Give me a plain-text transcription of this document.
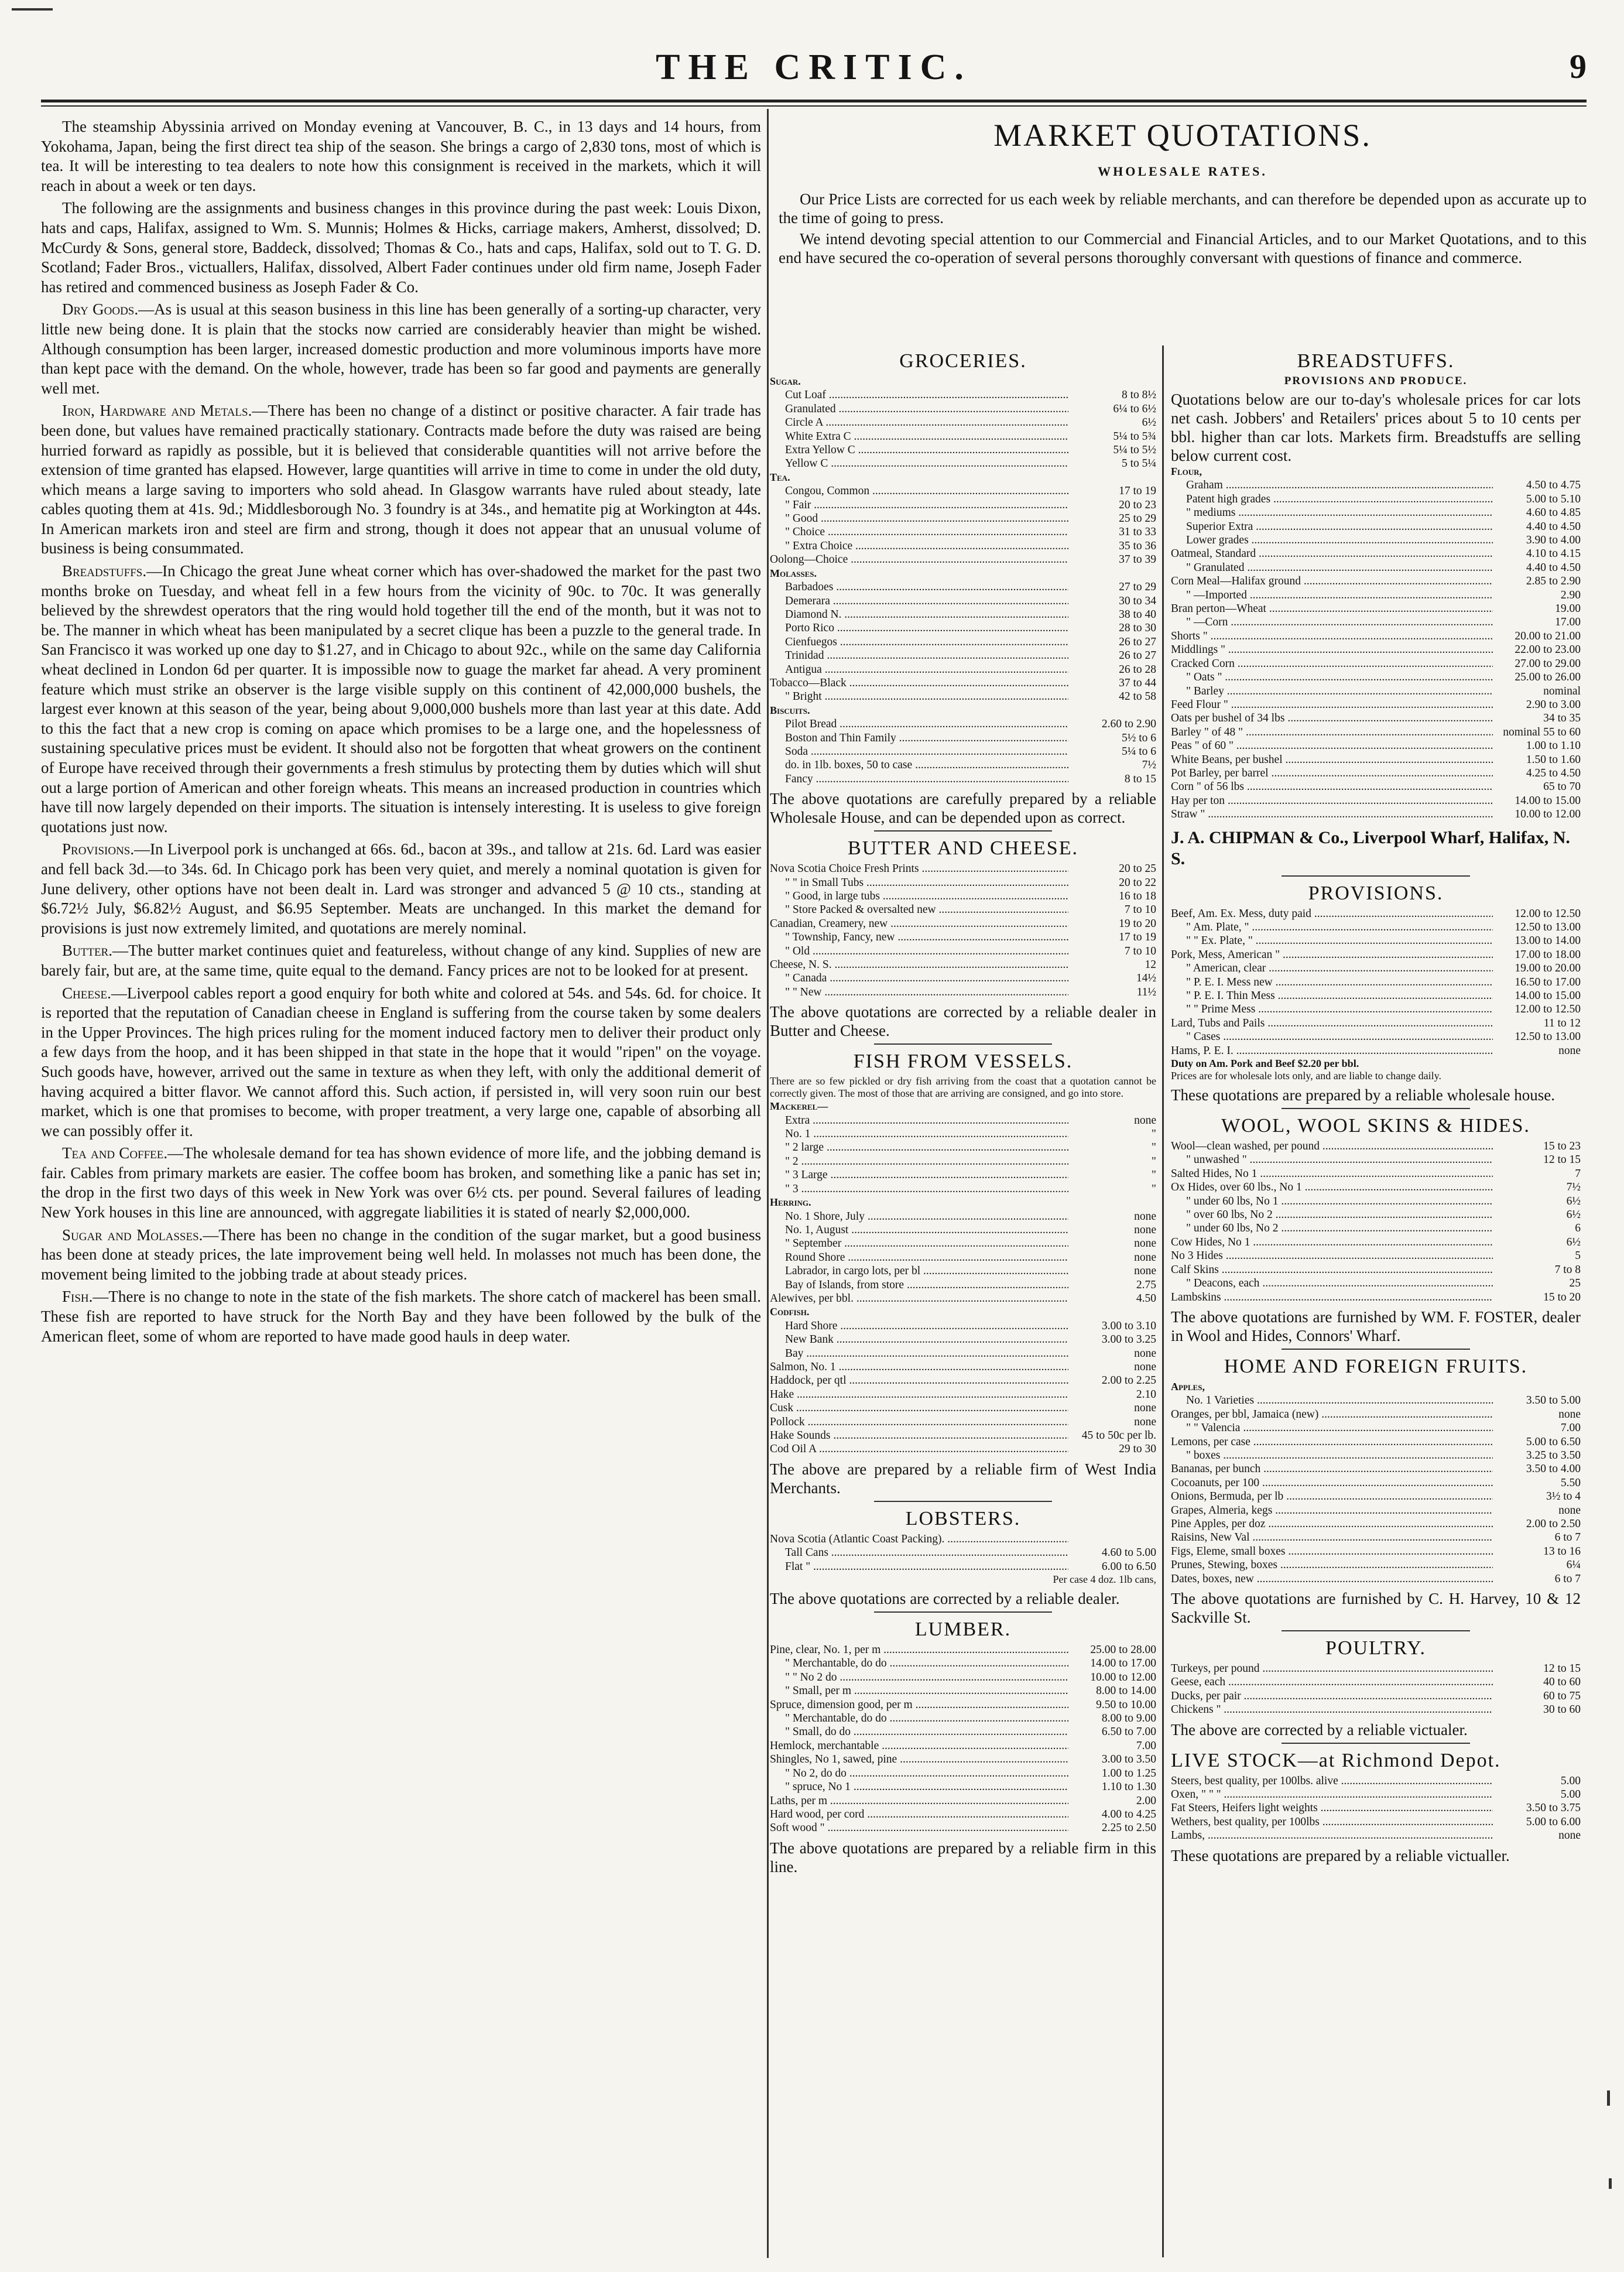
THE CRITIC.	9

The steamship Abyssinia arrived on Monday evening at Vancouver, B. C., in 13 days and 14 hours, from Yokohama, Japan, being the first direct tea ship of the season. She brings a cargo of 2,830 tons, most of which is tea. It will be interesting to tea dealers to note how this consignment is received in the markets, which it will reach in about a week or ten days.

The following are the assignments and business changes in this province during the past week: Louis Dixon, hats and caps, Halifax, assigned to Wm. S. Munnis; Holmes & Hicks, carriage makers, Amherst, dissolved; D. McCurdy & Sons, general store, Baddeck, dissolved; Thomas & Co., hats and caps, Halifax, sold out to T. G. D. Scotland; Fader Bros., victuallers, Halifax, dissolved, Albert Fader continues under old firm name, Joseph Fader has retired and commenced business as Joseph Fader & Co.

Dry Goods.—As is usual at this season business in this line has been generally of a sorting-up character, very little new being done. It is plain that the stocks now carried are considerably heavier than might be wished. Although consumption has been larger, increased domestic production and more voluminous imports have more than kept pace with the demand. On the whole, however, trade has been so far good and payments are generally well met.

Iron, Hardware and Metals.—There has been no change of a distinct or positive character. A fair trade has been done, but values have remained practically stationary. Contracts made before the duty was raised are being hurried forward as rapidly as possible, but it is believed that considerable quantities will not arrive before the extension of time granted has elapsed. However, large quantities will arrive in time to come in under the old duty, which means a large saving to importers who sold ahead. In Glasgow warrants have ruled about steady, late cables quoting them at 41s. 9d.; Middlesborough No. 3 foundry is at 34s., and hematite pig at Workington at 44s. In American markets iron and steel are firm and strong, though it does not appear that an unusual volume of business is being consummated.

Breadstuffs.—In Chicago the great June wheat corner which has over-shadowed the market for the past two months broke on Tuesday, and wheat fell in a few hours from the vicinity of 90c. to 70c. It was generally believed by the shrewdest operators that the ring would hold together till the end of the month, but it was not to be. The manner in which wheat has been manipulated by a secret clique has been a puzzle to the general trade. In San Francisco it was worked up one day to $1.27, and in Chicago to about 92c., while on the same day California wheat declined in London 6d per quarter. It is impossible now to guage the market far ahead. A very prominent feature which must strike an observer is the large visible supply on this continent of 42,000,000 bushels, the largest ever known at this season of the year, being about 9,000,000 bushels more than last year at this date. Add to this the fact that a new crop is coming on apace which promises to be a large one, and the hopelessness of sustaining speculative prices must be evident. It should also not be forgotten that wheat growers on the continent of Europe have received through their governments a fresh stimulus by protecting them by duties which will shut out a large portion of American and other foreign wheats. This means an increased production in countries which have till now largely depended on their imports. The situation is intensely interesting. It is useless to give foreign quotations just now.

Provisions.—In Liverpool pork is unchanged at 66s. 6d., bacon at 39s., and tallow at 21s. 6d. Lard was easier and fell back 3d.—to 34s. 6d. In Chicago pork has been very quiet, and merely a nominal quotation is given for June delivery, other options have not been dealt in. Lard was stronger and advanced 5 @ 10 cts., standing at $6.72½ July, $6.82½ August, and $6.95 September. Meats are unchanged. In this market the demand for provisions is just now extremely limited, and quotations are merely nominal.

Butter.—The butter market continues quiet and featureless, without change of any kind. Supplies of new are barely fair, but are, at the same time, quite equal to the demand. Fancy prices are not to be looked for at present.

Cheese.—Liverpool cables report a good enquiry for both white and colored at 54s. and 54s. 6d. for choice. It is reported that the reputation of Canadian cheese in England is suffering from the course taken by some dealers in the Upper Provinces. The high prices ruling for the moment induced factory men to deliver their product only a few days from the hoop, and it has been shipped in that state in the hope that it would "ripen" on the voyage. Such goods have, however, arrived out the same in texture as when they left, with only the additional demerit of having acquired a bitter flavor. We cannot afford this. Such action, if persisted in, will very soon ruin our best market, which is one that promises to become, with proper treatment, a very large one, capable of absorbing all we can possibly offer it.

Tea and Coffee.—The wholesale demand for tea has shown evidence of more life, and the jobbing demand is fair. Cables from primary markets are easier. The coffee boom has broken, and something like a panic has set in; the drop in the first two days of this week in New York was over 6½ cts. per pound. Several failures of leading New York houses in this line are announced, with aggregate liabilities it is stated of nearly $2,000,000.

Sugar and Molasses.—There has been no change in the condition of the sugar market, but a good business has been done at steady prices, the late improvement being well held. In molasses not much has been done, the movement being limited to the jobbing trade at about steady prices.

Fish.—There is no change to note in the state of the fish markets. The shore catch of mackerel has been small. These fish are reported to have struck for the North Bay and they have been followed by the bulk of the American fleet, some of whom are reported to have made good hauls in deep water.

MARKET QUOTATIONS.
WHOLESALE RATES.

Our Price Lists are corrected for us each week by reliable merchants, and can therefore be depended upon as accurate up to the time of going to press.

We intend devoting special attention to our Commercial and Financial Articles, and to our Market Quotations, and to this end have secured the co-operation of several persons thoroughly conversant with questions of finance and commerce.

GROCERIES.
Sugar.
Cut Loaf .....	8 to 8½
Granulated .....	6¼ to 6½
Circle A .....	6½
White Extra C .....	5¼ to 5¾
Extra Yellow C .....	5¼ to 5½
Yellow C .....	5 to 5¼
Tea.
Congou, Common .....	17 to 19
" Fair .....	20 to 23
" Good .....	25 to 29
" Choice .....	31 to 33
" Extra Choice .....	35 to 36
Oolong—Choice .....	37 to 39
Molasses.
Barbadoes .....	27 to 29
Demerara .....	30 to 34
Diamond N. .....	38 to 40
Porto Rico .....	28 to 30
Cienfuegos .....	26 to 27
Trinidad .....	26 to 27
Antigua .....	26 to 28
Tobacco—Black .....	37 to 44
" Bright .....	42 to 58
Biscuits.
Pilot Bread .....	2.60 to 2.90
Boston and Thin Family .....	5½ to 6
Soda .....	5¼ to 6
do. in 1lb. boxes, 50 to case .....	7½
Fancy .....	8 to 15
The above quotations are carefully prepared by a reliable Wholesale House, and can be depended upon as correct.
BUTTER AND CHEESE.
Nova Scotia Choice Fresh Prints .....	20 to 25
" " in Small Tubs .....	20 to 22
" Good, in large tubs .....	16 to 18
" Store Packed & oversalted new .....	7 to 10
Canadian, Creamery, new .....	19 to 20
" Township, Fancy, new .....	17 to 19
" Old .....	7 to 10
Cheese, N. S. .....	12
" Canada .....	14½
" " New .....	11½
The above quotations are corrected by a reliable dealer in Butter and Cheese.
FISH FROM VESSELS.
There are so few pickled or dry fish arriving from the coast that a quotation cannot be correctly given. The most of those that are arriving are consigned, and go into store.
Mackerel—
Extra .....	none
No. 1 .....	"
" 2 large .....	"
" 2 .....	"
" 3 Large .....	"
" 3 .....	"
Herring.
No. 1 Shore, July .....	none
No. 1, August .....	none
" September .....	none
Round Shore .....	none
Labrador, in cargo lots, per bl .....	none
Bay of Islands, from store .....	2.75
Alewives, per bbl. .....	4.50
Codfish.
Hard Shore .....	3.00 to 3.10
New Bank .....	3.00 to 3.25
Bay .....	none
Salmon, No. 1 .....	none
Haddock, per qtl .....	2.00 to 2.25
Hake .....	2.10
Cusk .....	none
Pollock .....	none
Hake Sounds .....	45 to 50c per lb.
Cod Oil A .....	29 to 30
The above are prepared by a reliable firm of West India Merchants.
LOBSTERS.
Nova Scotia (Atlantic Coast Packing). .....
Tall Cans .....	4.60 to 5.00
Flat " .....	6.00 to 6.50
Per case 4 doz. 1lb cans,
The above quotations are corrected by a reliable dealer.
LUMBER.
Pine, clear, No. 1, per m .....	25.00 to 28.00
" Merchantable, do do .....	14.00 to 17.00
" " No 2 do .....	10.00 to 12.00
" Small, per m .....	8.00 to 14.00
Spruce, dimension good, per m .....	9.50 to 10.00
" Merchantable, do do .....	8.00 to 9.00
" Small, do do .....	6.50 to 7.00
Hemlock, merchantable .....	7.00
Shingles, No 1, sawed, pine .....	3.00 to 3.50
" No 2, do do .....	1.00 to 1.25
" spruce, No 1 .....	1.10 to 1.30
Laths, per m .....	2.00
Hard wood, per cord .....	4.00 to 4.25
Soft wood " .....	2.25 to 2.50
The above quotations are prepared by a reliable firm in this line.
BREADSTUFFS.
PROVISIONS AND PRODUCE.
Quotations below are our to-day's wholesale prices for car lots net cash. Jobbers' and Retailers' prices about 5 to 10 cents per bbl. higher than car lots. Markets firm. Breadstuffs are selling below current cost.
Flour,
Graham .....	4.50 to 4.75
Patent high grades .....	5.00 to 5.10
" mediums .....	4.60 to 4.85
Superior Extra .....	4.40 to 4.50
Lower grades .....	3.90 to 4.00
Oatmeal, Standard .....	4.10 to 4.15
" Granulated .....	4.40 to 4.50
Corn Meal—Halifax ground .....	2.85 to 2.90
" —Imported .....	2.90
Bran perton—Wheat .....	19.00
" —Corn .....	17.00
Shorts " .....	20.00 to 21.00
Middlings " .....	22.00 to 23.00
Cracked Corn .....	27.00 to 29.00
" Oats " .....	25.00 to 26.00
" Barley .....	nominal
Feed Flour " .....	2.90 to 3.00
Oats per bushel of 34 lbs .....	34 to 35
Barley " of 48 " .....	nominal 55 to 60
Peas " of 60 " .....	1.00 to 1.10
White Beans, per bushel .....	1.50 to 1.60
Pot Barley, per barrel .....	4.25 to 4.50
Corn " of 56 lbs .....	65 to 70
Hay per ton .....	14.00 to 15.00
Straw " .....	10.00 to 12.00
J. A. CHIPMAN & Co., Liverpool Wharf, Halifax, N. S.
PROVISIONS.
Beef, Am. Ex. Mess, duty paid .....	12.00 to 12.50
" Am. Plate, " .....	12.50 to 13.00
" " Ex. Plate, " .....	13.00 to 14.00
Pork, Mess, American " .....	17.00 to 18.00
" American, clear .....	19.00 to 20.00
" P. E. I. Mess new .....	16.50 to 17.00
" P. E. I. Thin Mess .....	14.00 to 15.00
" " Prime Mess .....	12.00 to 12.50
Lard, Tubs and Pails .....	11 to 12
" Cases .....	12.50 to 13.00
Hams, P. E. I. .....	none
Duty on Am. Pork and Beef $2.20 per bbl.
Prices are for wholesale lots only, and are liable to change daily.
These quotations are prepared by a reliable wholesale house.
WOOL, WOOL SKINS & HIDES.
Wool—clean washed, per pound .....	15 to 23
" unwashed " .....	12 to 15
Salted Hides, No 1 .....	7
Ox Hides, over 60 lbs., No 1 .....	7½
" under 60 lbs, No 1 .....	6½
" over 60 lbs, No 2 .....	6½
" under 60 lbs, No 2 .....	6
Cow Hides, No 1 .....	6½
No 3 Hides .....	5
Calf Skins .....	7 to 8
" Deacons, each .....	25
Lambskins .....	15 to 20
The above quotations are furnished by WM. F. FOSTER, dealer in Wool and Hides, Connors' Wharf.
HOME AND FOREIGN FRUITS.
Apples,
No. 1 Varieties .....	3.50 to 5.00
Oranges, per bbl, Jamaica (new) .....	none
" " Valencia .....	7.00
Lemons, per case .....	5.00 to 6.50
" boxes .....	3.25 to 3.50
Bananas, per bunch .....	3.50 to 4.00
Cocoanuts, per 100 .....	5.50
Onions, Bermuda, per lb .....	3½ to 4
Grapes, Almeria, kegs .....	none
Pine Apples, per doz .....	2.00 to 2.50
Raisins, New Val .....	6 to 7
Figs, Eleme, small boxes .....	13 to 16
Prunes, Stewing, boxes .....	6¼
Dates, boxes, new .....	6 to 7
The above quotations are furnished by C. H. Harvey, 10 & 12 Sackville St.
POULTRY.
Turkeys, per pound .....	12 to 15
Geese, each .....	40 to 60
Ducks, per pair .....	60 to 75
Chickens " .....	30 to 60
The above are corrected by a reliable victualer.
LIVE STOCK—at Richmond Depot.
Steers, best quality, per 100lbs. alive .....	5.00
Oxen, " " " .....	5.00
Fat Steers, Heifers light weights .....	3.50 to 3.75
Wethers, best quality, per 100lbs .....	5.00 to 6.00
Lambs, .....	none
These quotations are prepared by a reliable victualler.
